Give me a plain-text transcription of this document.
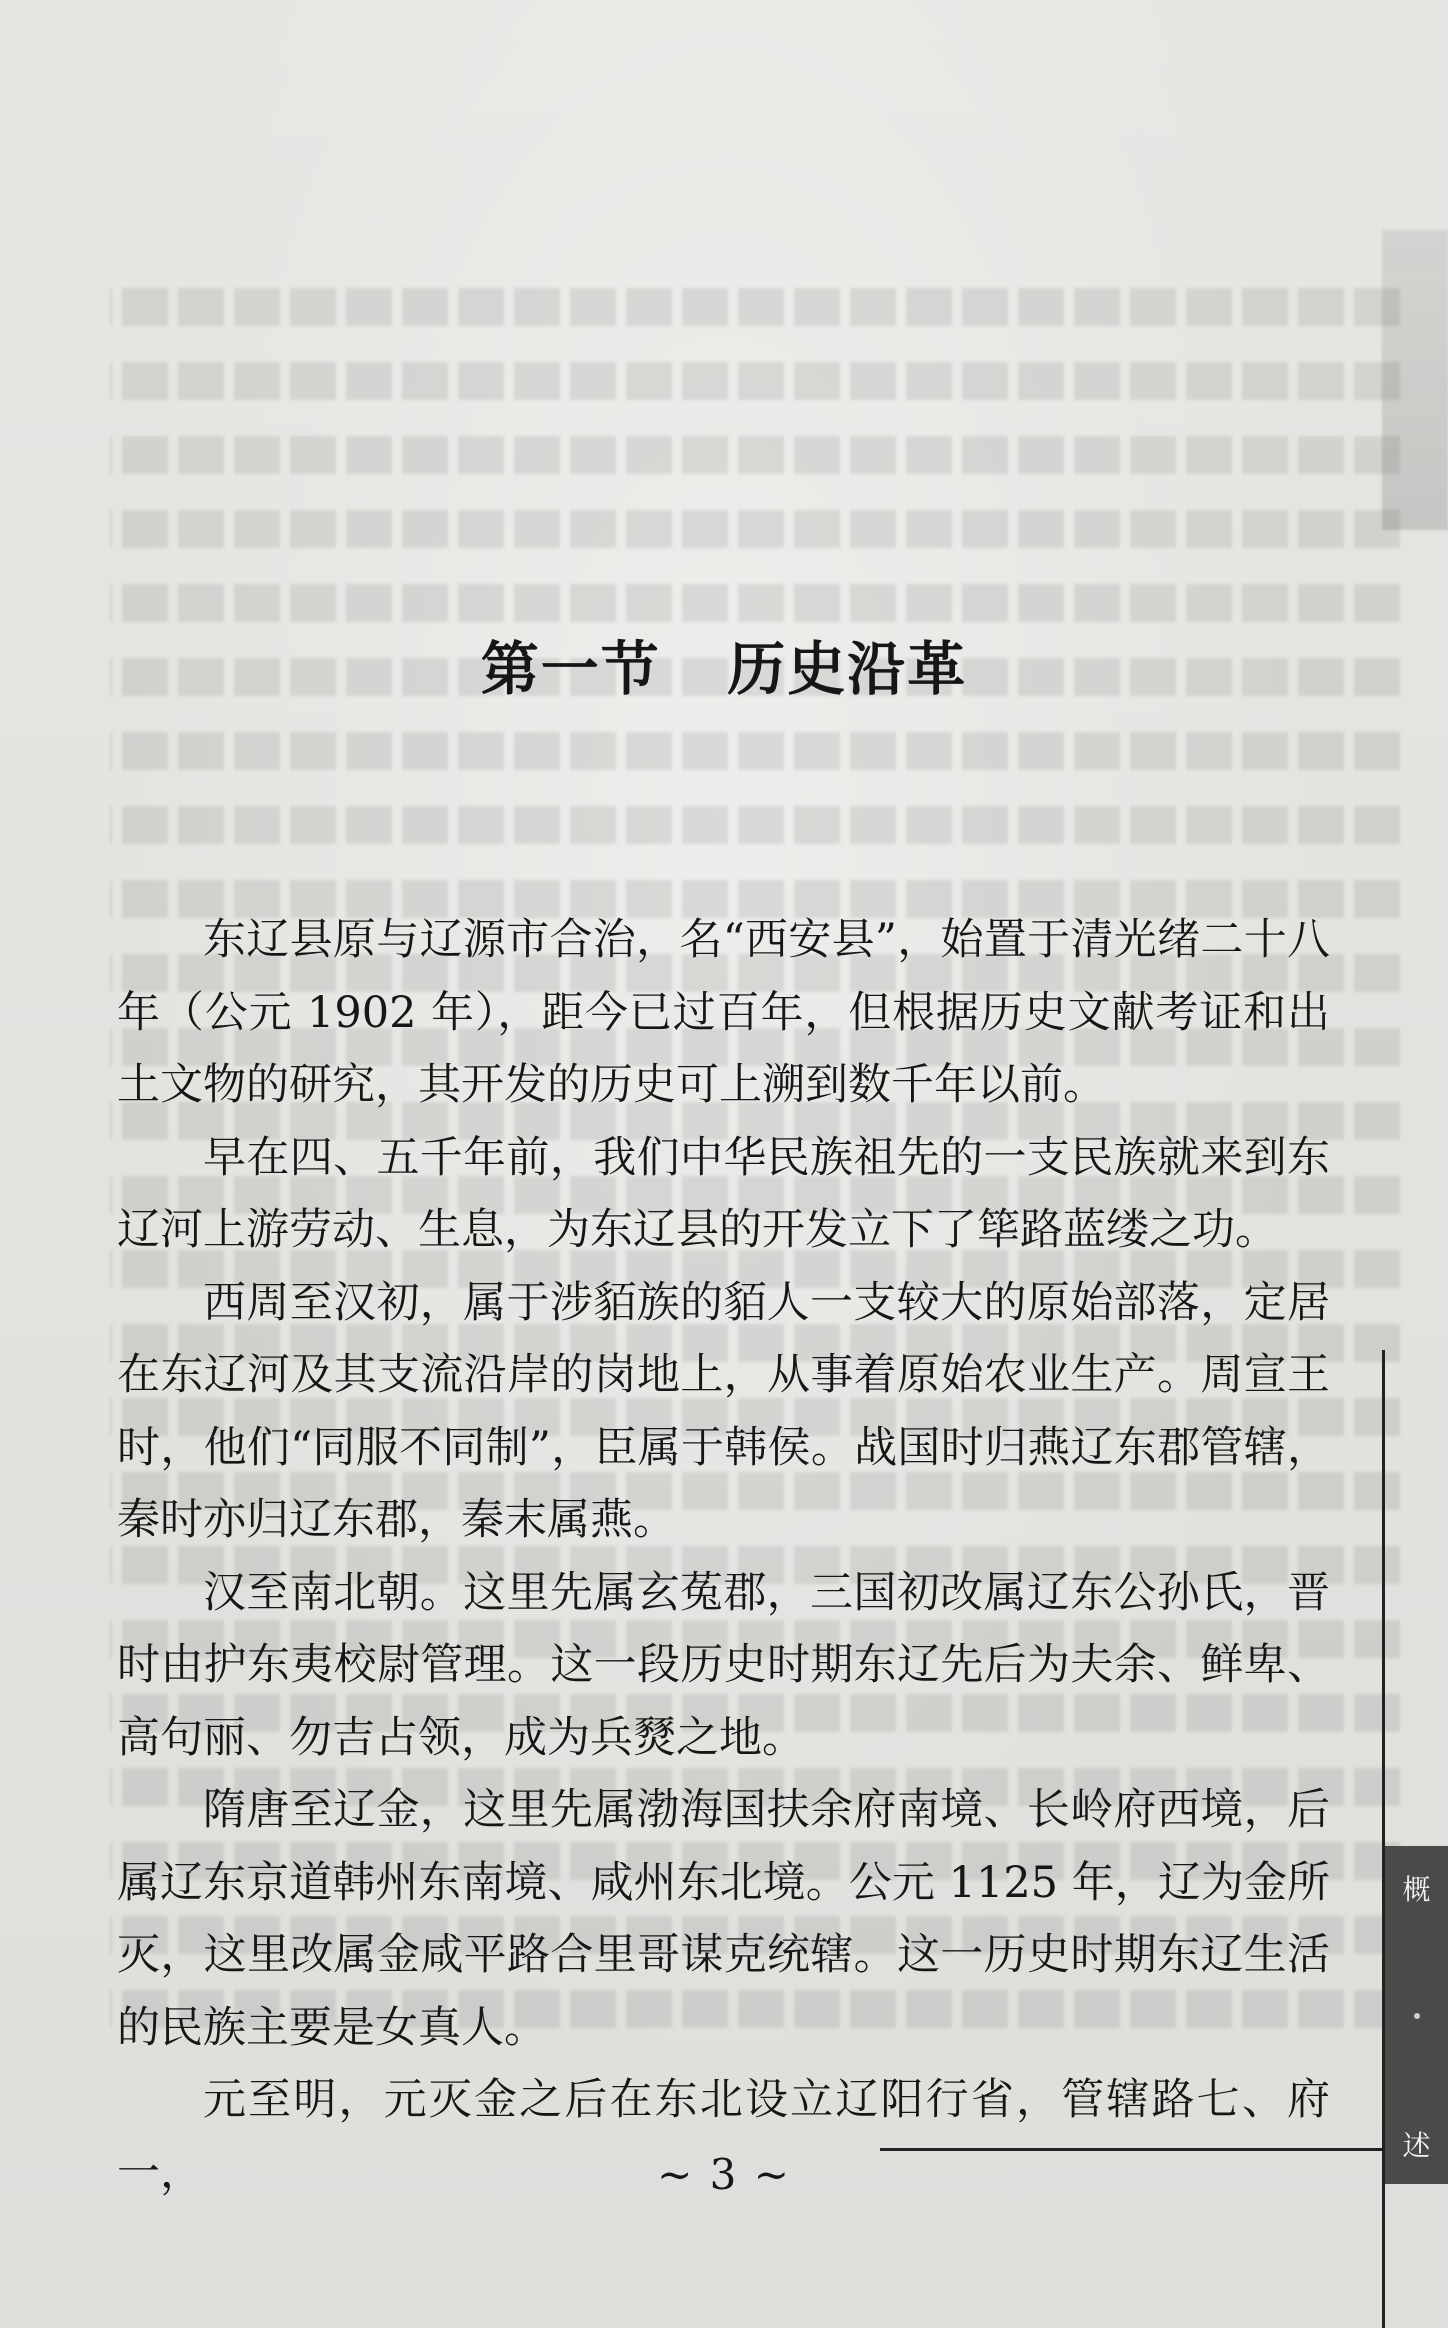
第一节   历史沿革

东辽县原与辽源市合治，名“西安县”，始置于清光绪二十八年（公元 1902 年），距今已过百年，但根据历史文献考证和出土文物的研究，其开发的历史可上溯到数千年以前。

早在四、五千年前，我们中华民族祖先的一支民族就来到东辽河上游劳动、生息，为东辽县的开发立下了筚路蓝缕之功。

西周至汉初，属于涉貊族的貊人一支较大的原始部落，定居在东辽河及其支流沿岸的岗地上，从事着原始农业生产。周宣王时，他们“同服不同制”，臣属于韩侯。战国时归燕辽东郡管辖，秦时亦归辽东郡，秦末属燕。

汉至南北朝。这里先属玄菟郡，三国初改属辽东公孙氏，晋时由护东夷校尉管理。这一段历史时期东辽先后为夫余、鲜卑、高句丽、勿吉占领，成为兵燹之地。

隋唐至辽金，这里先属渤海国扶余府南境、长岭府西境，后属辽东京道韩州东南境、咸州东北境。公元 1125 年，辽为金所灭，这里改属金咸平路合里哥谋克统辖。这一历史时期东辽生活的民族主要是女真人。

元至明，元灭金之后在东北设立辽阳行省，管辖路七、府一，	~ 3 ~
概
述
